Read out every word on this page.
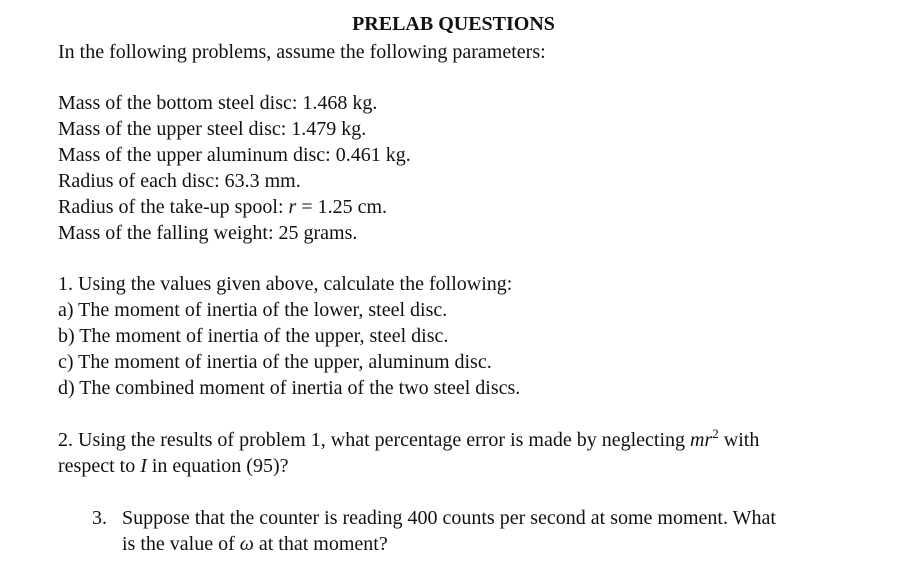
PRELAB QUESTIONS
In the following problems, assume the following parameters:
Mass of the bottom steel disc: 1.468 kg.
Mass of the upper steel disc: 1.479 kg.
Mass of the upper aluminum disc: 0.461 kg.
Radius of each disc: 63.3 mm.
Radius of the take-up spool: r = 1.25 cm.
Mass of the falling weight: 25 grams.
1. Using the values given above, calculate the following:
a) The moment of inertia of the lower, steel disc.
b) The moment of inertia of the upper, steel disc.
c) The moment of inertia of the upper, aluminum disc.
d) The combined moment of inertia of the two steel discs.
2. Using the results of problem 1, what percentage error is made by neglecting $mr^2$ with
respect to I in equation (95)?
3. Suppose that the counter is reading 400 counts per second at some moment. What
is the value of ω at that moment?
